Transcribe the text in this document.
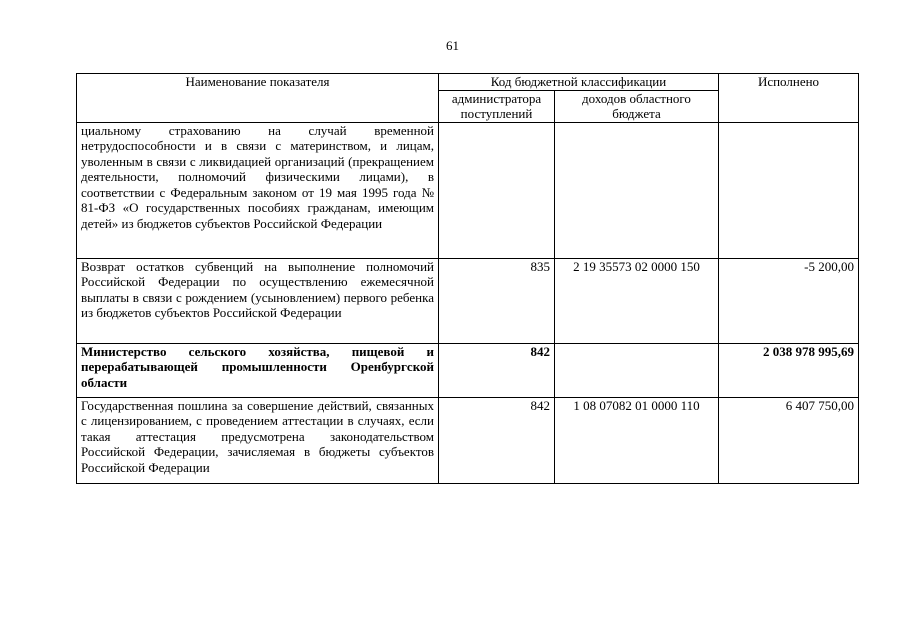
61
Наименование показателя	Код бюджетной классификации		Исполнено
	администратора поступлений	доходов областного бюджета	
циальному страхованию на случай временной нетрудоспособности и в связи с материнством, и лицам, уволенным в связи с ликвидацией организаций (прекращением деятельности, полномочий физическими лицами), в соответствии с Федеральным законом от 19 мая 1995 года № 81-ФЗ «О государственных пособиях гражданам, имеющим детей» из бюджетов субъектов Российской Федерации			
Возврат остатков субвенций на выполнение полномочий Российской Федерации по осуществлению ежемесячной выплаты в связи с рождением (усыновлением) первого ребенка из бюджетов субъектов Российской Федерации	835	2 19 35573 02 0000 150	-5 200,00
Министерство сельского хозяйства, пищевой и перерабатывающей промышленности Оренбургской области	842		2 038 978 995,69
Государственная пошлина за совершение действий, связанных с лицензированием, с проведением аттестации в случаях, если такая аттестация предусмотрена законодательством Российской Федерации, зачисляемая в бюджеты субъектов Российской Федерации	842	1 08 07082 01 0000 110	6 407 750,00
